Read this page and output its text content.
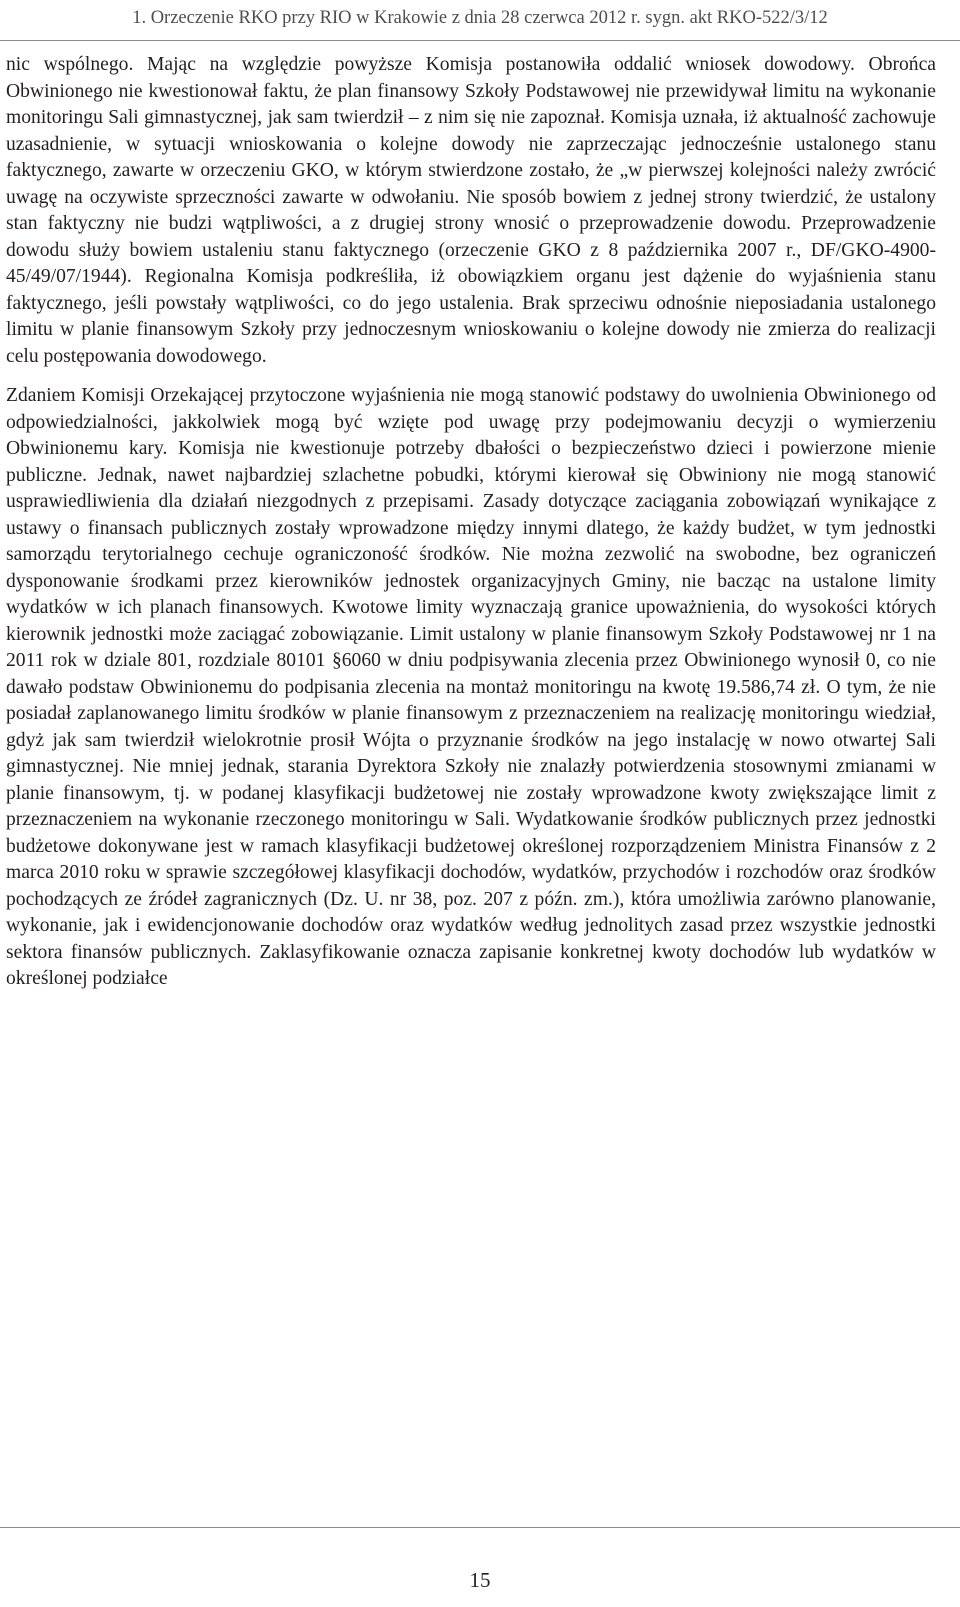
1. Orzeczenie RKO przy RIO w Krakowie z dnia 28 czerwca 2012 r. sygn. akt RKO-522/3/12

nic wspólnego. Mając na względzie powyższe Komisja postanowiła oddalić wniosek dowodowy. Obrońca Obwinionego nie kwestionował faktu, że plan finansowy Szkoły Podstawowej nie przewidywał limitu na wykonanie monitoringu Sali gimnastycznej, jak sam twierdził – z nim się nie zapoznał. Komisja uznała, iż aktualność zachowuje uzasadnienie, w sytuacji wnioskowania o kolejne dowody nie zaprzeczając jednocześnie ustalonego stanu faktycznego, zawarte w orzeczeniu GKO, w którym stwierdzone zostało, że „w pierwszej kolejności należy zwrócić uwagę na oczywiste sprzeczności zawarte w odwołaniu. Nie sposób bowiem z jednej strony twierdzić, że ustalony stan faktyczny nie budzi wątpliwości, a z drugiej strony wnosić o przeprowadzenie dowodu. Przeprowadzenie dowodu służy bowiem ustaleniu stanu faktycznego (orzeczenie GKO z 8 października 2007 r., DF/GKO-4900-45/49/07/1944). Regionalna Komisja podkreśliła, iż obowiązkiem organu jest dążenie do wyjaśnienia stanu faktycznego, jeśli powstały wątpliwości, co do jego ustalenia. Brak sprzeciwu odnośnie nieposiadania ustalonego limitu w planie finansowym Szkoły przy jednoczesnym wnioskowaniu o kolejne dowody nie zmierza do realizacji celu postępowania dowodowego.

Zdaniem Komisji Orzekającej przytoczone wyjaśnienia nie mogą stanowić podstawy do uwolnienia Obwinionego od odpowiedzialności, jakkolwiek mogą być wzięte pod uwagę przy podejmowaniu decyzji o wymierzeniu Obwinionemu kary. Komisja nie kwestionuje potrzeby dbałości o bezpieczeństwo dzieci i powierzone mienie publiczne. Jednak, nawet najbardziej szlachetne pobudki, którymi kierował się Obwiniony nie mogą stanowić usprawiedliwienia dla działań niezgodnych z przepisami. Zasady dotyczące zaciągania zobowiązań wynikające z ustawy o finansach publicznych zostały wprowadzone między innymi dlatego, że każdy budżet, w tym jednostki samorządu terytorialnego cechuje ograniczoność środków. Nie można zezwolić na swobodne, bez ograniczeń dysponowanie środkami przez kierowników jednostek organizacyjnych Gminy, nie bacząc na ustalone limity wydatków w ich planach finansowych. Kwotowe limity wyznaczają granice upoważnienia, do wysokości których kierownik jednostki może zaciągać zobowiązanie. Limit ustalony w planie finansowym Szkoły Podstawowej nr 1 na 2011 rok w dziale 801, rozdziale 80101 §6060 w dniu podpisywania zlecenia przez Obwinionego wynosił 0, co nie dawało podstaw Obwinionemu do podpisania zlecenia na montaż monitoringu na kwotę 19.586,74 zł. O tym, że nie posiadał zaplanowanego limitu środków w planie finansowym z przeznaczeniem na realizację monitoringu wiedział, gdyż jak sam twierdził wielokrotnie prosił Wójta o przyznanie środków na jego instalację w nowo otwartej Sali gimnastycznej. Nie mniej jednak, starania Dyrektora Szkoły nie znalazły potwierdzenia stosownymi zmianami w planie finansowym, tj. w podanej klasyfikacji budżetowej nie zostały wprowadzone kwoty zwiększające limit z przeznaczeniem na wykonanie rzeczonego monitoringu w Sali. Wydatkowanie środków publicznych przez jednostki budżetowe dokonywane jest w ramach klasyfikacji budżetowej określonej rozporządzeniem Ministra Finansów z 2 marca 2010 roku w sprawie szczegółowej klasyfikacji dochodów, wydatków, przychodów i rozchodów oraz środków pochodzących ze źródeł zagranicznych (Dz. U. nr 38, poz. 207 z późn. zm.), która umożliwia zarówno planowanie, wykonanie, jak i ewidencjonowanie dochodów oraz wydatków według jednolitych zasad przez wszystkie jednostki sektora finansów publicznych. Zaklasyfikowanie oznacza zapisanie konkretnej kwoty dochodów lub wydatków w określonej podziałce

15
